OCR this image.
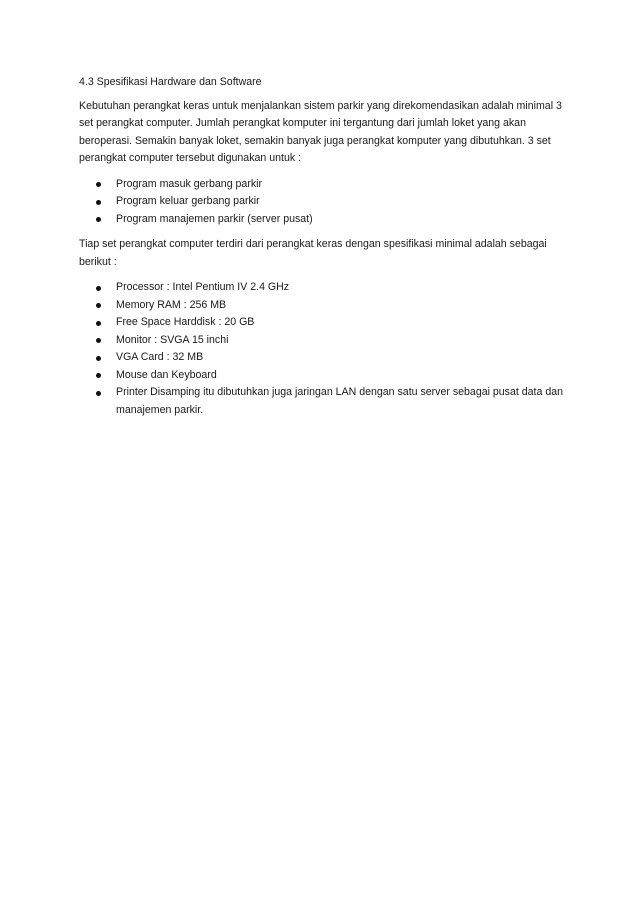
4.3 Spesifikasi Hardware dan Software

Kebutuhan perangkat keras untuk menjalankan sistem parkir yang direkomendasikan adalah minimal 3 set perangkat computer. Jumlah perangkat komputer ini tergantung dari jumlah loket yang akan beroperasi. Semakin banyak loket, semakin banyak juga perangkat komputer yang dibutuhkan. 3 set perangkat computer tersebut digunakan untuk :

Program masuk gerbang parkir
Program keluar gerbang parkir
Program manajemen parkir (server pusat)

Tiap set perangkat computer terdiri dari perangkat keras dengan spesifikasi minimal adalah sebagai berikut :

Processor : Intel Pentium IV 2.4 GHz
Memory RAM : 256 MB
Free Space Harddisk : 20 GB
Monitor : SVGA 15 inchi
VGA Card : 32 MB
Mouse dan Keyboard
Printer Disamping itu dibutuhkan juga jaringan LAN dengan satu server sebagai pusat data dan manajemen parkir.
